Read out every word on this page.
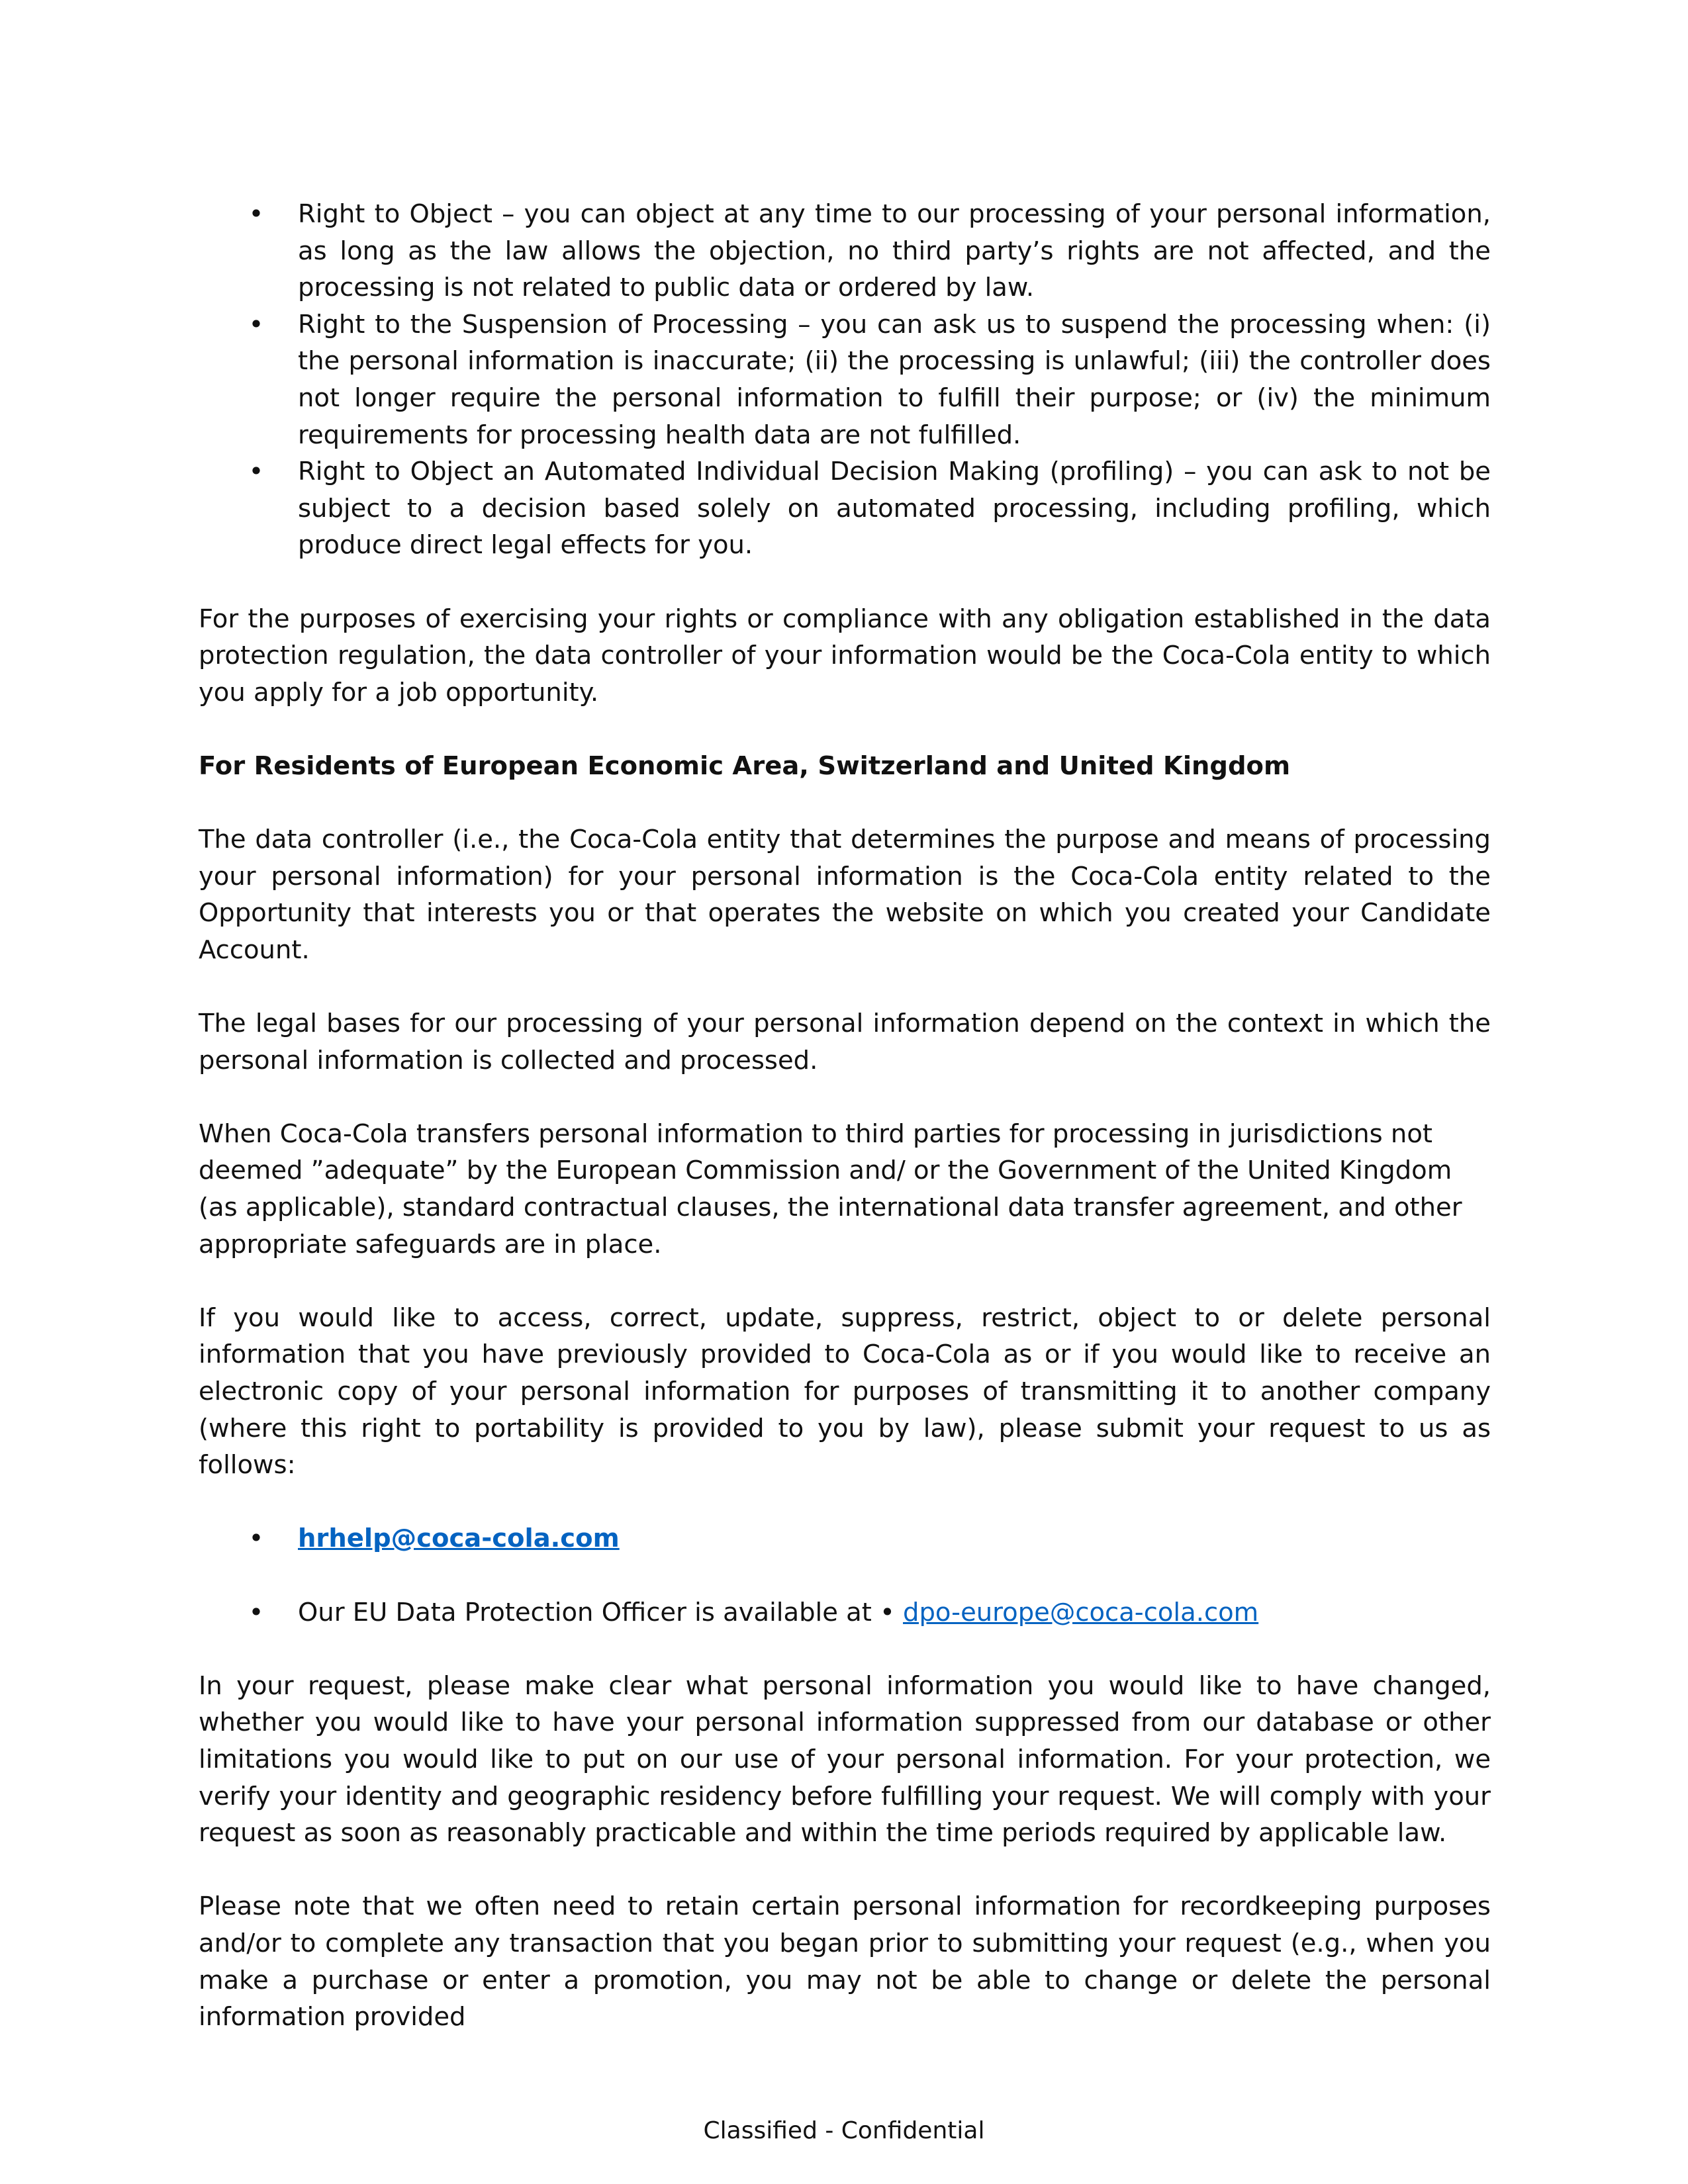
• Right to Object – you can object at any time to our processing of your personal information, as long as the law allows the objection, no third party’s rights are not affected, and the processing is not related to public data or ordered by law.
• Right to the Suspension of Processing – you can ask us to suspend the processing when: (i) the personal information is inaccurate; (ii) the processing is unlawful; (iii) the controller does not longer require the personal information to fulfill their purpose; or (iv) the minimum requirements for processing health data are not fulfilled.
• Right to Object an Automated Individual Decision Making (profiling) – you can ask to not be subject to a decision based solely on automated processing, including profiling, which produce direct legal effects for you.

For the purposes of exercising your rights or compliance with any obligation established in the data protection regulation, the data controller of your information would be the Coca-Cola entity to which you apply for a job opportunity.

For Residents of European Economic Area, Switzerland and United Kingdom

The data controller (i.e., the Coca-Cola entity that determines the purpose and means of processing your personal information) for your personal information is the Coca-Cola entity related to the Opportunity that interests you or that operates the website on which you created your Candidate Account.

The legal bases for our processing of your personal information depend on the context in which the personal information is collected and processed.

When Coca-Cola transfers personal information to third parties for processing in jurisdictions not deemed ”adequate” by the European Commission and/ or the Government of the United Kingdom (as applicable), standard contractual clauses, the international data transfer agreement, and other appropriate safeguards are in place.

If you would like to access, correct, update, suppress, restrict, object to or delete personal information that you have previously provided to Coca-Cola as or if you would like to receive an electronic copy of your personal information for purposes of transmitting it to another company (where this right to portability is provided to you by law), please submit your request to us as follows:

• hrhelp@coca-cola.com
• Our EU Data Protection Officer is available at • dpo-europe@coca-cola.com

In your request, please make clear what personal information you would like to have changed, whether you would like to have your personal information suppressed from our database or other limitations you would like to put on our use of your personal information. For your protection, we verify your identity and geographic residency before fulfilling your request. We will comply with your request as soon as reasonably practicable and within the time periods required by applicable law.

Please note that we often need to retain certain personal information for recordkeeping purposes and/or to complete any transaction that you began prior to submitting your request (e.g., when you make a purchase or enter a promotion, you may not be able to change or delete the personal information provided

Classified - Confidential
